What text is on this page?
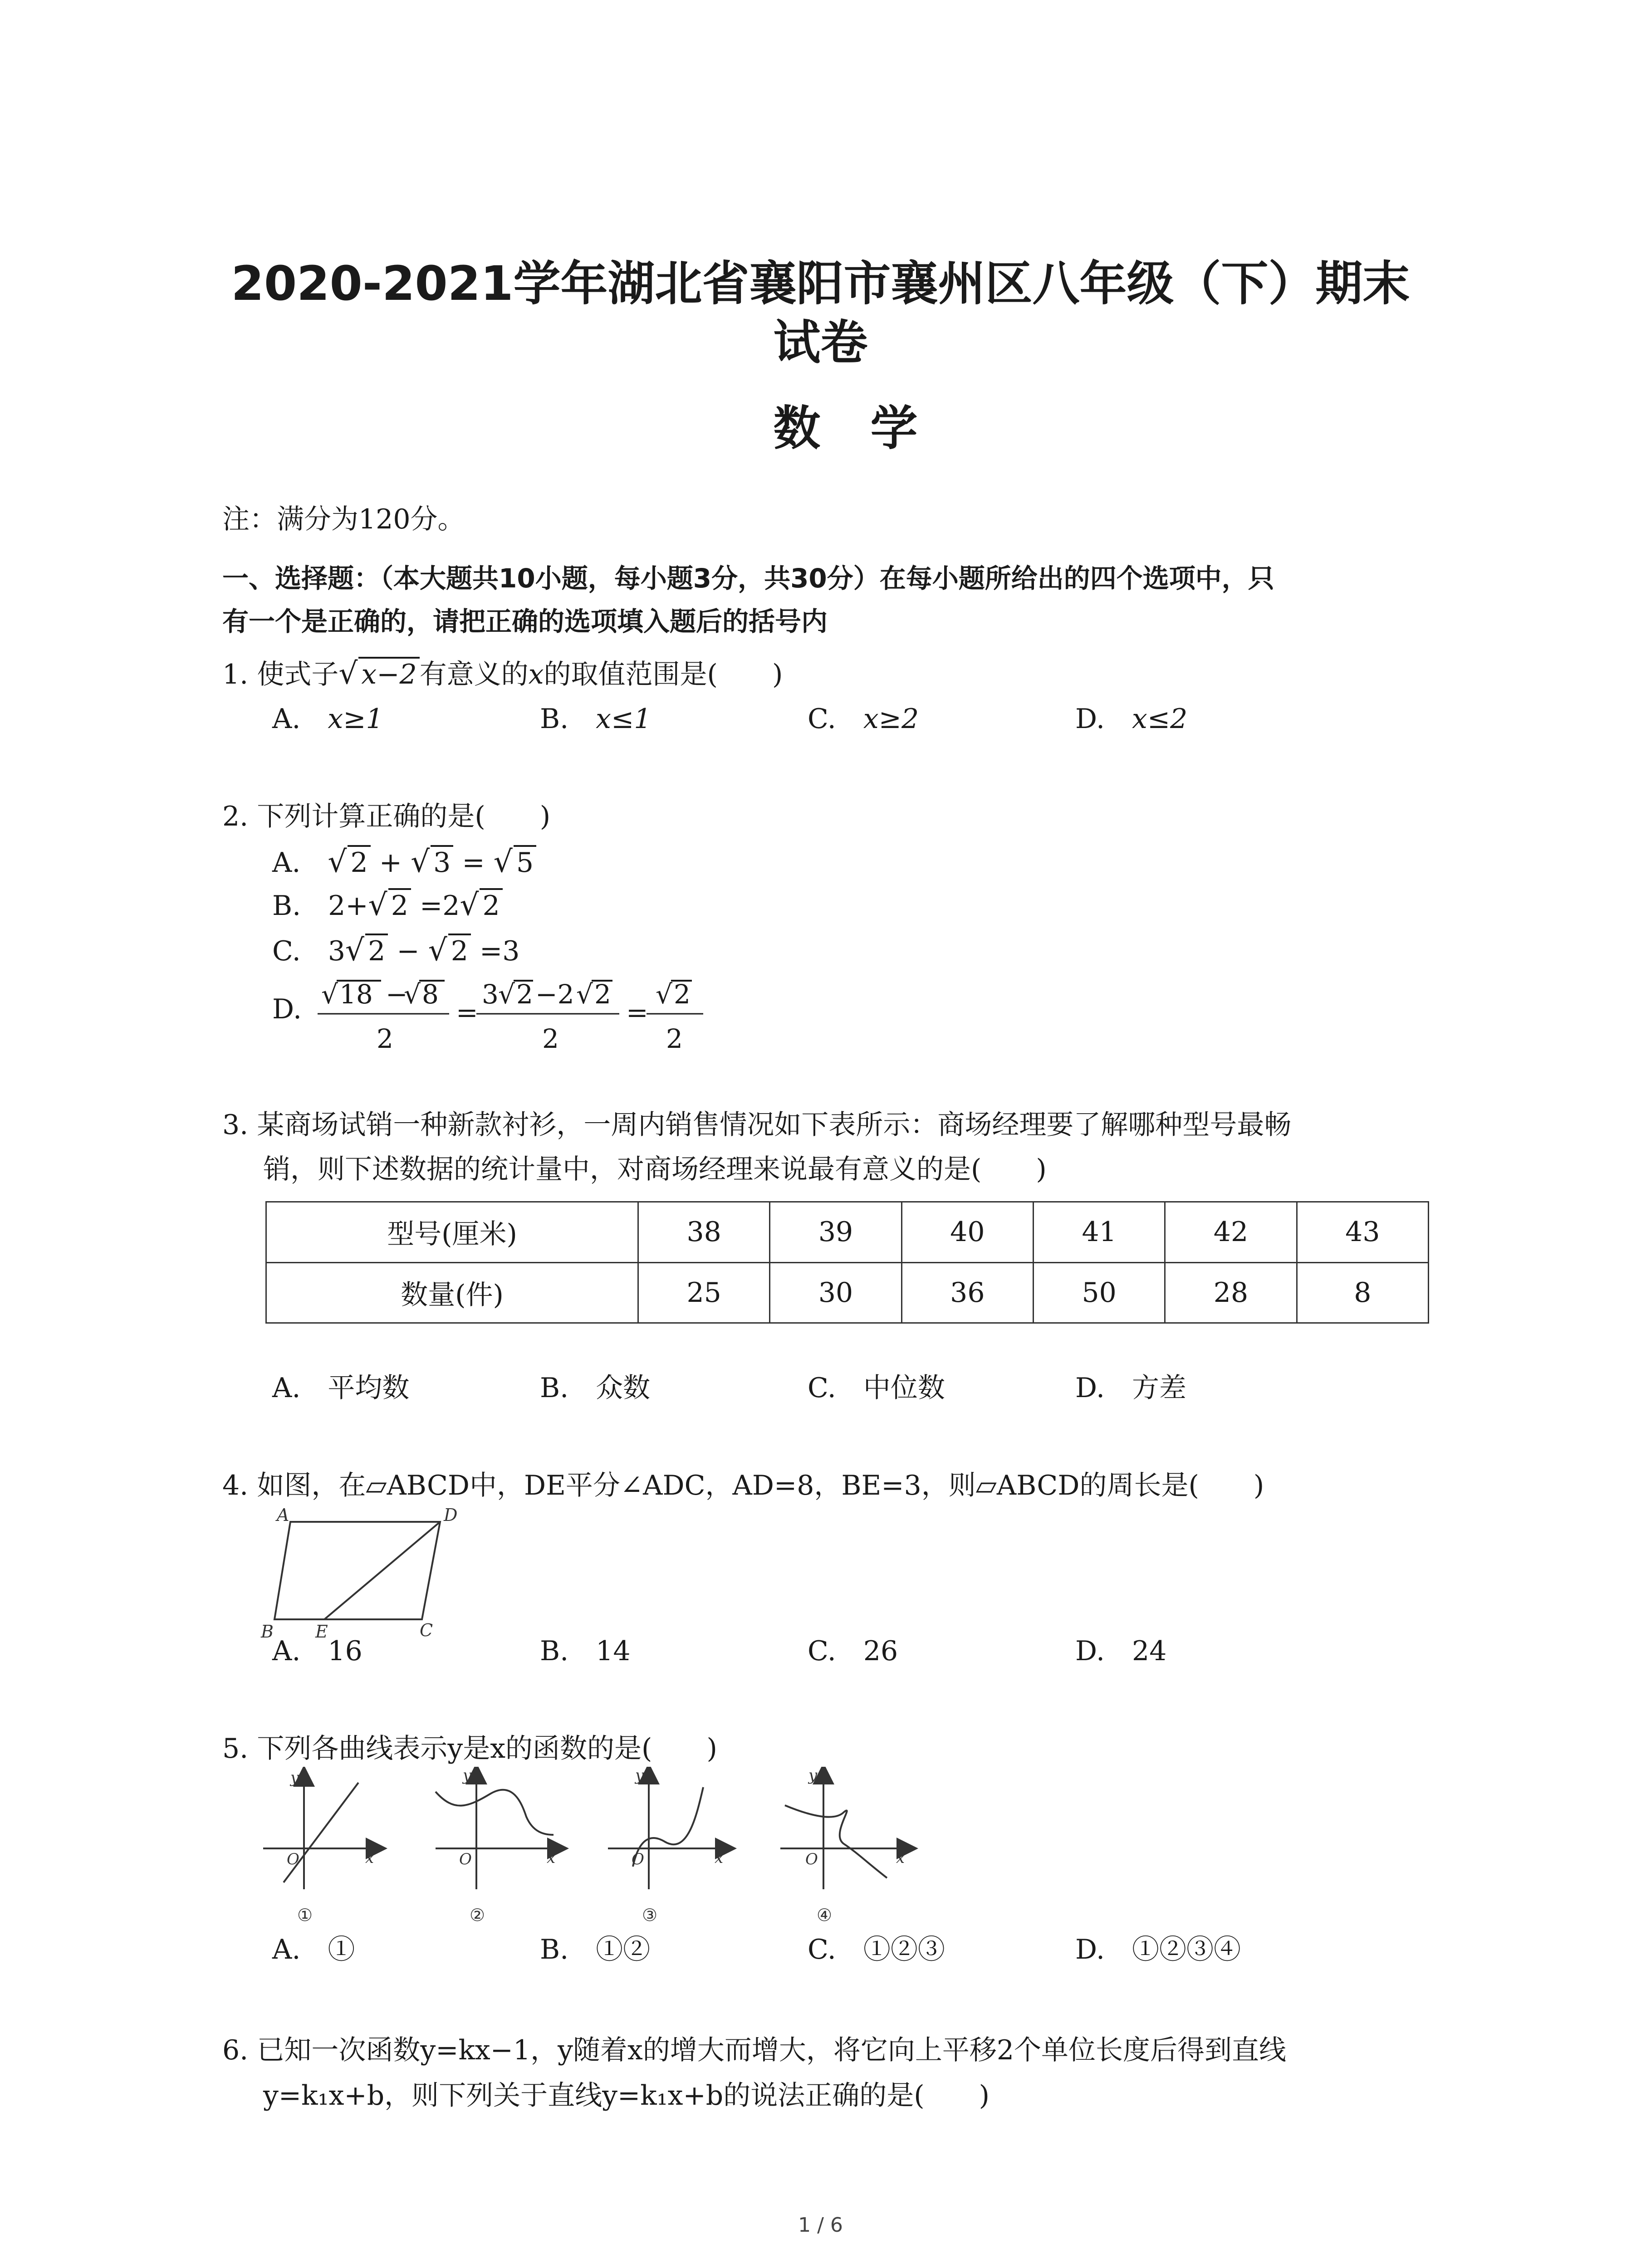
2020-2021学年湖北省襄阳市襄州区八年级（下）期末
试卷
数学
注：满分为120分。
一、选择题：（本大题共10小题，每小题3分，共30分）在每小题所给出的四个选项中，只
有一个是正确的，请把正确的选项填入题后的括号内
1. 使式子√ x−2 有意义的x的取值范围是(　　)
A.　 x≥1	B.　 x≤1	C.　 x≥2	D.　 x≤2
2. 下列计算正确的是(　　)
A.　 √ 2 + √ 3 = √ 5
B.　 2+√ 2 =2√ 2
C.　 3√ 2 − √ 2 =3
D. √ 18 −
√ 8
2
=
3 √ 2 −2 √ 2
2
=
√ 2
2
3. 某商场试销一种新款衬衫，一周内销售情况如下表所示：商场经理要了解哪种型号最畅
销，则下述数据的统计量中，对商场经理来说最有意义的是(　　)
型号(厘米)	38	39	40	41	42	43
数量(件)	25	30	36	50	28	8
A.　 平均数	B.　 众数	C.　 中位数	D.　 方差
4. 如图，在▱ABCD中，DE平分∠ADC，AD=8，BE=3，则▱ABCD的周长是(　　)
A	D
B E	C
A.　 16	B.　 14	C.　 26	D.　 24
5. 下列各曲线表示y是x的函数的是(　　)
y
x
O
y
x
O
y
x
O
y
x
O
①	②	③	④
A.　 ①	B.　 ①②	C.　 ①②③	D.　 ①②③④
6. 已知一次函数y=kx−1，y随着x的增大而增大，将它向上平移2个单位长度后得到直线
y=k₁x+b，则下列关于直线y=k₁x+b的说法正确的是(　　)
1 / 6
